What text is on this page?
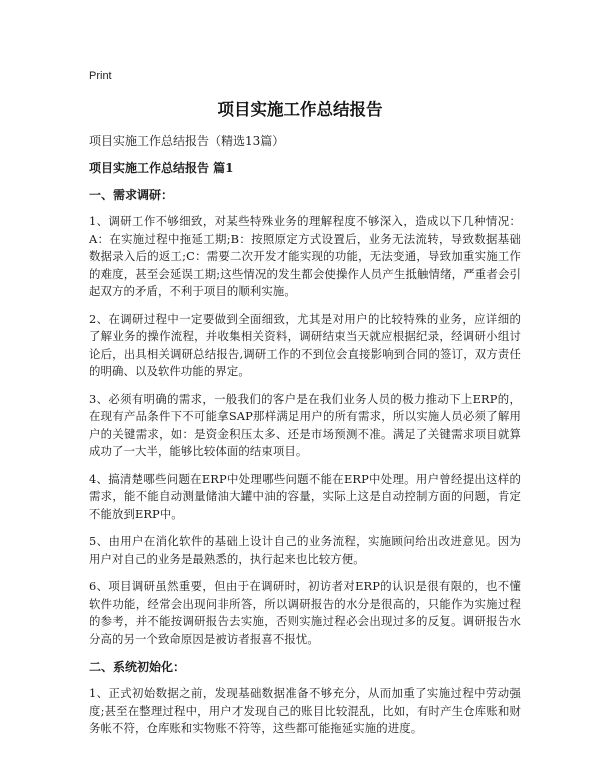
Print
项目实施工作总结报告
项目实施工作总结报告（精选13篇）
项目实施工作总结报告 篇1
一、需求调研：
1、调研工作不够细致，对某些特殊业务的理解程度不够深入，造成以下几种情况：A：在实施过程中拖延工期;B：按照原定方式设置后，业务无法流转，导致数据基础数据录入后的返工;C：需要二次开发才能实现的功能，无法变通，导致加重实施工作的难度，甚至会延误工期;这些情况的发生都会使操作人员产生抵触情绪，严重者会引起双方的矛盾，不利于项目的顺利实施。
2、在调研过程中一定要做到全面细致，尤其是对用户的比较特殊的业务，应详细的了解业务的操作流程，并收集相关资料，调研结束当天就应根据纪录，经调研小组讨论后，出具相关调研总结报告,调研工作的不到位会直接影响到合同的签订，双方责任的明确、以及软件功能的界定。
3、必须有明确的需求，一般我们的客户是在我们业务人员的极力推动下上ERP的，在现有产品条件下不可能拿SAP那样满足用户的所有需求，所以实施人员必须了解用户的关键需求，如：是资金积压太多、还是市场预测不准。满足了关键需求项目就算成功了一大半，能够比较体面的结束项目。
4、搞清楚哪些问题在ERP中处理哪些问题不能在ERP中处理。用户曾经提出这样的需求，能不能自动测量储油大罐中油的容量，实际上这是自动控制方面的问题，肯定不能放到ERP中。
5、由用户在消化软件的基础上设计自己的业务流程，实施顾问给出改进意见。因为用户对自己的业务是最熟悉的，执行起来也比较方便。
6、项目调研虽然重要，但由于在调研时，初访者对ERP的认识是很有限的，也不懂软件功能，经常会出现问非所答，所以调研报告的水分是很高的，只能作为实施过程的参考，并不能按调研报告去实施，否则实施过程必会出现过多的反复。调研报告水分高的另一个致命原因是被访者报喜不报忧。
二、系统初始化：
1、正式初始数据之前，发现基础数据准备不够充分，从而加重了实施过程中劳动强度;甚至在整理过程中，用户才发现自己的账目比较混乱，比如，有时产生仓库账和财务帐不符，仓库账和实物账不符等，这些都可能拖延实施的进度。
